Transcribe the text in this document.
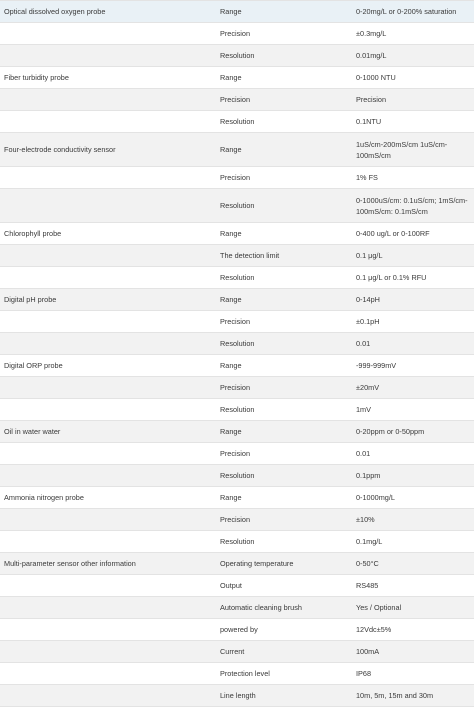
Optical dissolved oxygen probe	Range	0-20mg/L or 0-200% saturation
	Precision	±0.3mg/L
	Resolution	0.01mg/L
Fiber turbidity probe	Range	0-1000 NTU
	Precision	Precision
	Resolution	0.1NTU
Four-electrode conductivity sensor	Range	1uS/cm-200mS/cm 1uS/cm-100mS/cm
	Precision	1% FS
	Resolution	0-1000uS/cm: 0.1uS/cm; 1mS/cm-100mS/cm: 0.1mS/cm
Chlorophyll probe	Range	0-400 ug/L or 0-100RF
	The detection limit	0.1 μg/L
	Resolution	0.1 μg/L or 0.1% RFU
Digital pH probe	Range	0-14pH
	Precision	±0.1pH
	Resolution	0.01
Digital ORP probe	Range	-999-999mV
	Precision	±20mV
	Resolution	1mV
Oil in water water	Range	0-20ppm or 0-50ppm
	Precision	0.01
	Resolution	0.1ppm
Ammonia nitrogen probe	Range	0-1000mg/L
	Precision	±10%
	Resolution	0.1mg/L
Multi-parameter sensor other information	Operating temperature	0-50°C
	Output	RS485
	Automatic cleaning brush	Yes / Optional
	powered by	12Vdc±5%
	Current	100mA
	Protection level	IP68
	Line length	10m, 5m, 15m and 30m
